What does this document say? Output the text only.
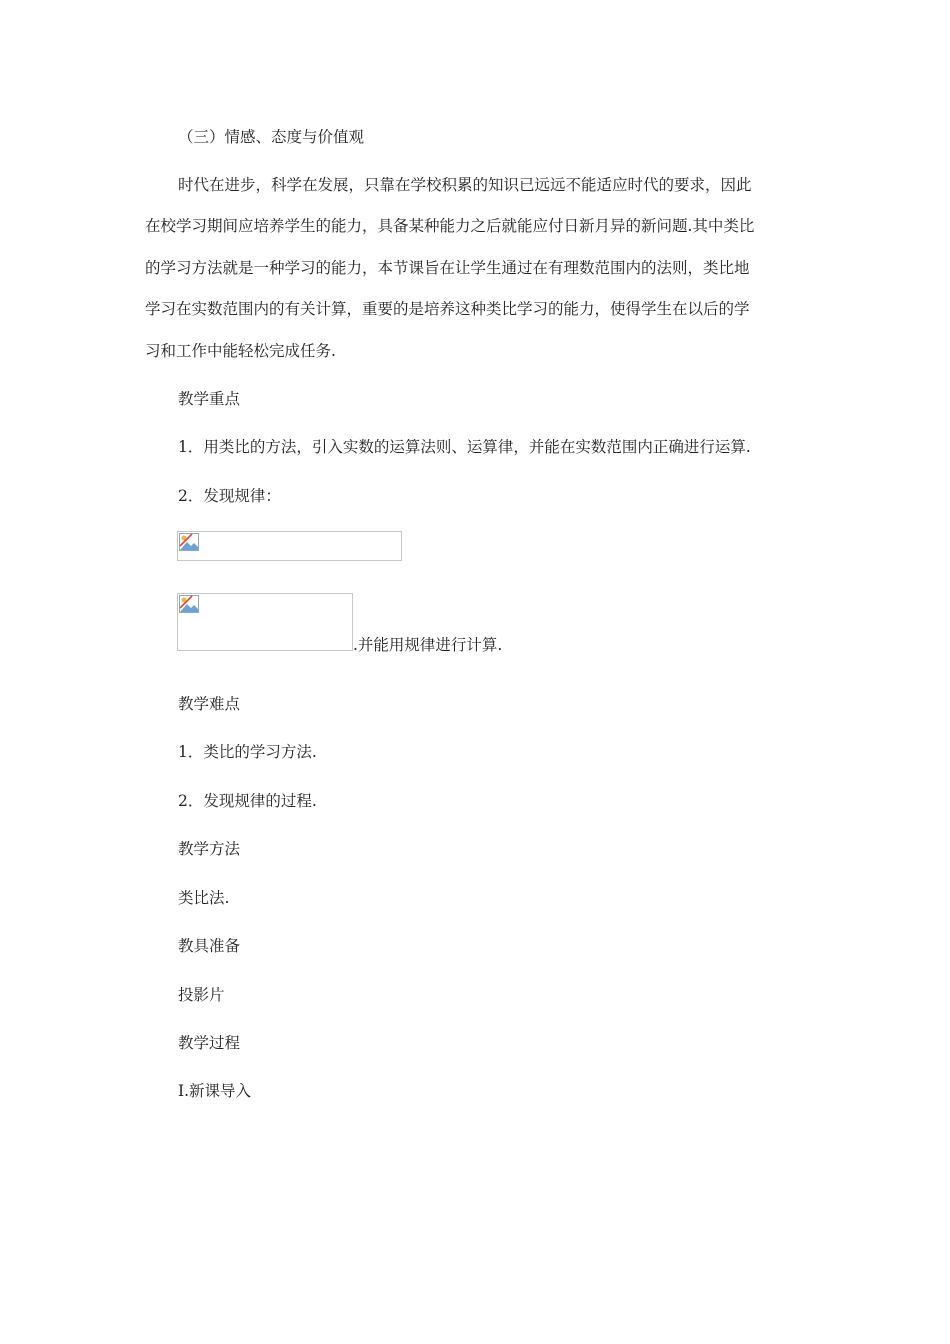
（三）情感、态度与价值观
时代在进步，科学在发展，只靠在学校积累的知识已远远不能适应时代的要求，因此
在校学习期间应培养学生的能力，具备某种能力之后就能应付日新月异的新问题.其中类比
的学习方法就是一种学习的能力，本节课旨在让学生通过在有理数范围内的法则，类比地
学习在实数范围内的有关计算，重要的是培养这种类比学习的能力，使得学生在以后的学
习和工作中能轻松完成任务.
教学重点
1．用类比的方法，引入实数的运算法则、运算律，并能在实数范围内正确进行运算.
2．发现规律：
.并能用规律进行计算.
教学难点
1．类比的学习方法.
2．发现规律的过程.
教学方法
类比法.
教具准备
投影片
教学过程
Ⅰ.新课导入
